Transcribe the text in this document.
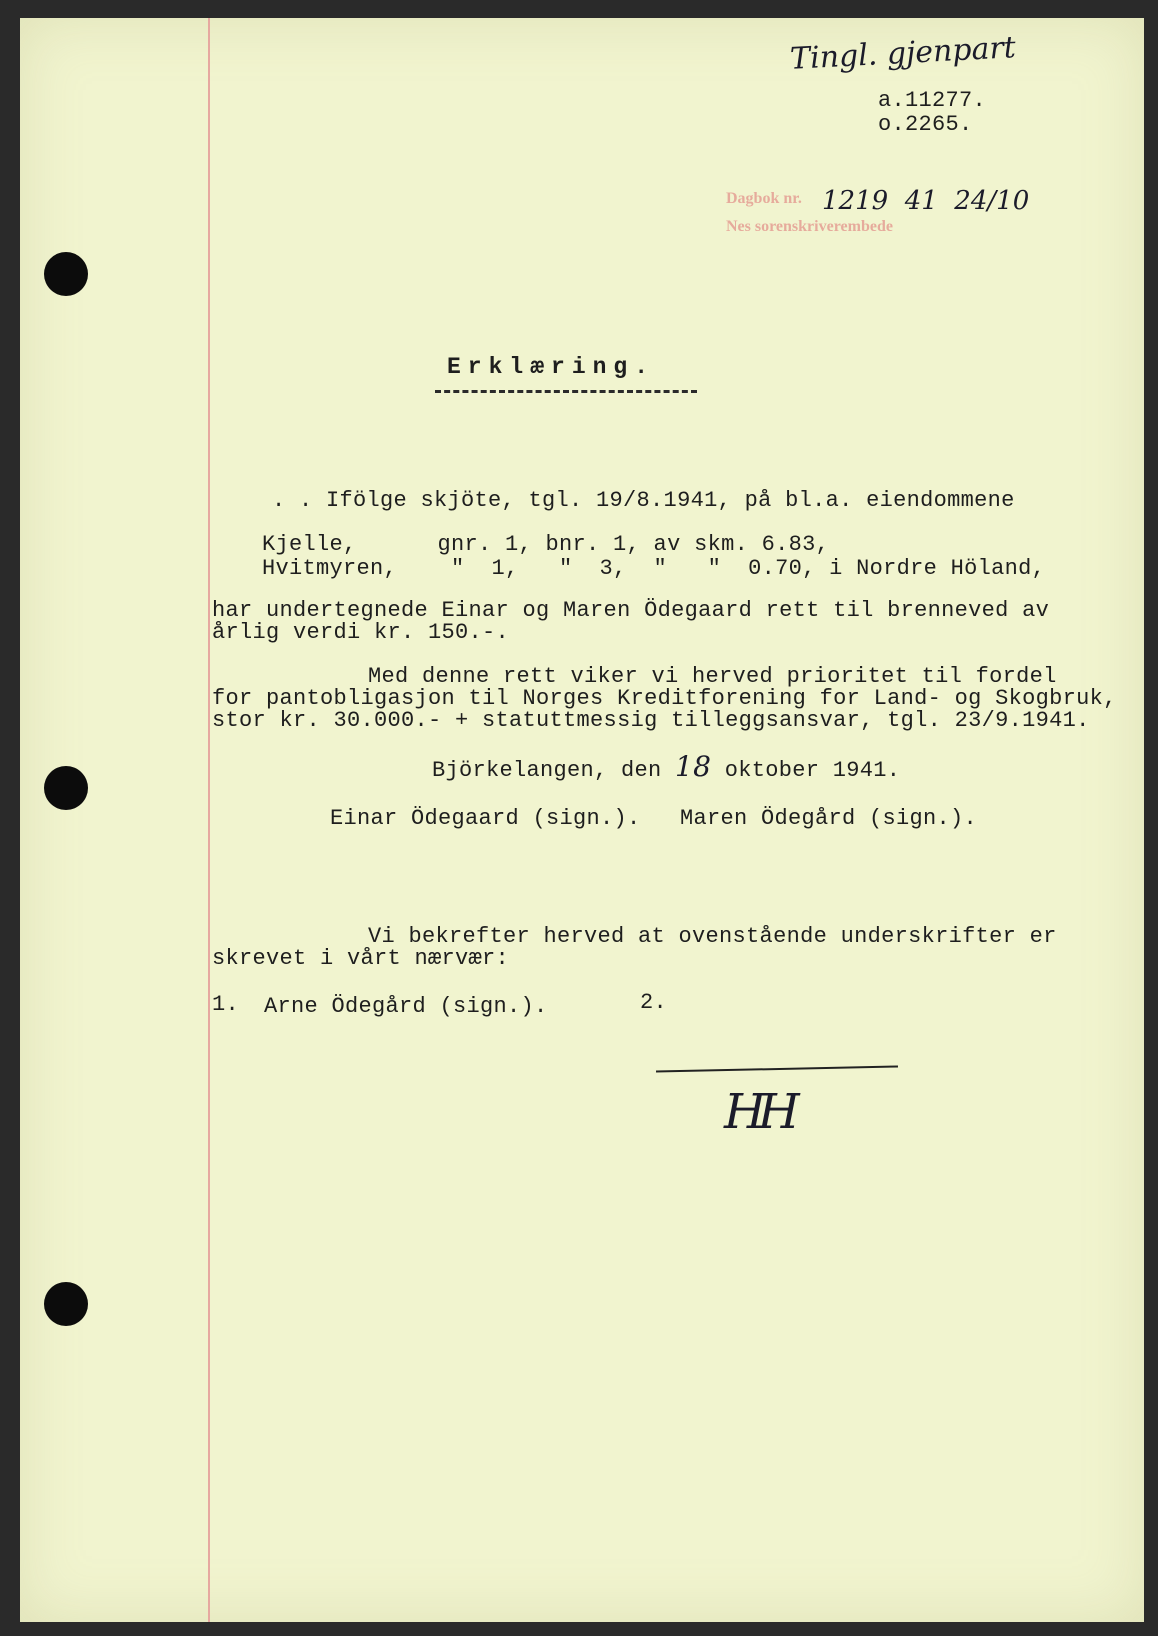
Tingl. gjenpart
a.11277.
o.2265.
Dagbok nr.
Nes sorenskriverembede
1219  41  24/10
Erklæring.
. . Ifölge skjöte, tgl. 19/8.1941, på bl.a. eiendommene
Kjelle,      gnr. 1, bnr. 1, av skm. 6.83,
Hvitmyren,    "  1,   "  3,  "   "  0.70, i Nordre Höland,
har undertegnede Einar og Maren Ödegaard rett til brenneved av
årlig verdi kr. 150.-.
Med denne rett viker vi herved prioritet til fordel
for pantobligasjon til Norges Kreditforening for Land- og Skogbruk,
stor kr. 30.000.- + statuttmessig tilleggsansvar, tgl. 23/9.1941.
Björkelangen, den 18 oktober 1941.
Einar Ödegaard (sign.). Maren Ödegård (sign.).
Vi bekrefter herved at ovenstående underskrifter er
skrevet i vårt nærvær:
1. Arne Ödegård (sign.).	2.
HH
